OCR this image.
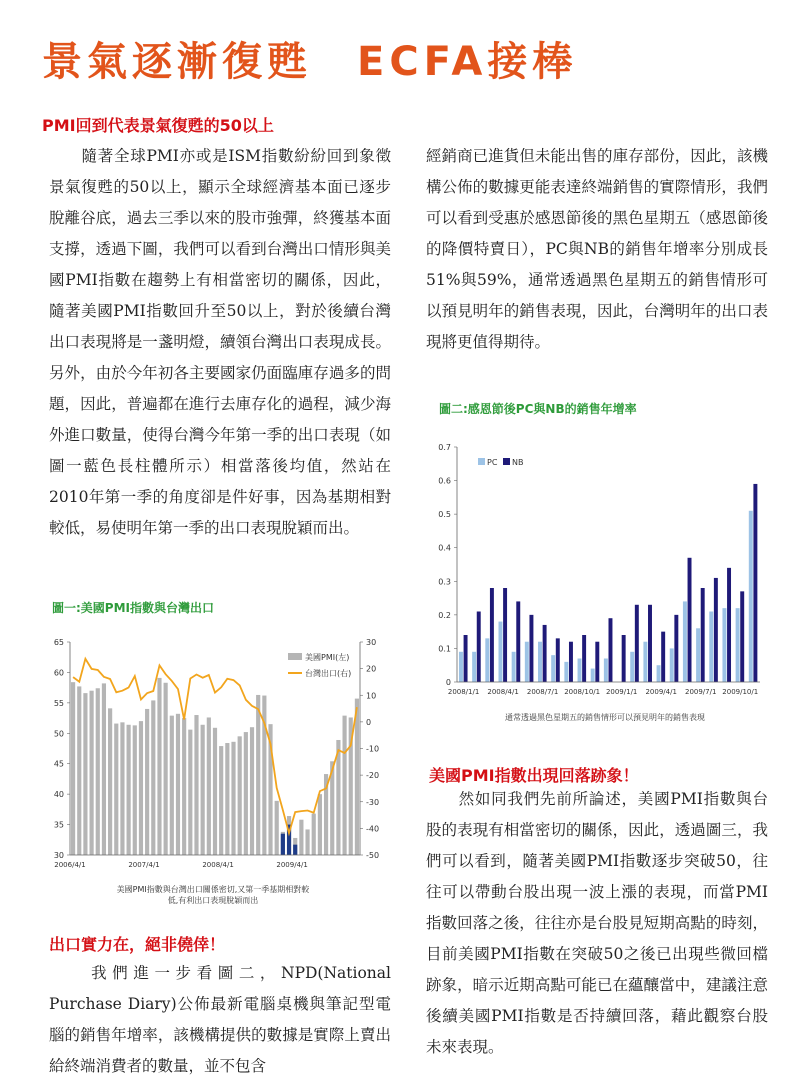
景氣逐漸復甦　ECFA接棒
PMI回到代表景氣復甦的50以上

　　隨著全球PMI亦或是ISM指數紛紛回到象徵景氣復甦的50以上，顯示全球經濟基本面已逐步脫離谷底，過去三季以來的股市強彈，終獲基本面支撐，透過下圖，我們可以看到台灣出口情形與美國PMI指數在趨勢上有相當密切的關係，因此，隨著美國PMI指數回升至50以上，對於後續台灣出口表現將是一盞明燈，續領台灣出口表現成長。另外，由於今年初各主要國家仍面臨庫存過多的問題，因此，普遍都在進行去庫存化的過程，減少海外進口數量，使得台灣今年第一季的出口表現（如圖一藍色長柱體所示）相當落後均值，然站在2010年第一季的角度卻是件好事，因為基期相對較低，易使明年第一季的出口表現脫穎而出。

圖一:美國PMI指數與台灣出口
30
35
40
45
50
55
60
65
-50
-40
-30
-20
-10
0
10
20
30
2006/4/1	2007/4/1	2008/4/1	2009/4/1
美國PMI(左)
台灣出口(右)
美國PMI指數與台灣出口關係密切,又第一季基期相對較低,有利出口表現脫穎而出
出口實力在，絕非僥倖！

　　我們進一步看圖二，NPD(National Purchase Diary)公佈最新電腦桌機與筆記型電腦的銷售年增率，該機構提供的數據是實際上賣出給終端消費者的數量，並不包含

經銷商已進貨但未能出售的庫存部份，因此，該機構公佈的數據更能表達終端銷售的實際情形，我們可以看到受惠於感恩節後的黑色星期五（感恩節後的降價特賣日），PC與NB的銷售年增率分別成長51%與59%，通常透過黑色星期五的銷售情形可以預見明年的銷售表現，因此，台灣明年的出口表現將更值得期待。

圖二:感恩節後PC與NB的銷售年增率
0
0.1
0.2
0.3
0.4
0.5
0.6
0.7
2008/1/1 2008/4/1 2008/7/1 2008/10/1 2009/1/1 2009/4/1 2009/7/1 2009/10/1
PC NB
通常透過黑色星期五的銷售情形可以預見明年的銷售表現
美國PMI指數出現回落跡象！

　　然如同我們先前所論述，美國PMI指數與台股的表現有相當密切的關係，因此，透過圖三，我們可以看到，隨著美國PMI指數逐步突破50，往往可以帶動台股出現一波上漲的表現，而當PMI指數回落之後，往往亦是台股見短期高點的時刻，目前美國PMI指數在突破50之後已出現些微回檔跡象，暗示近期高點可能已在蘊釀當中，建議注意後續美國PMI指數是否持續回落，藉此觀察台股未來表現。
